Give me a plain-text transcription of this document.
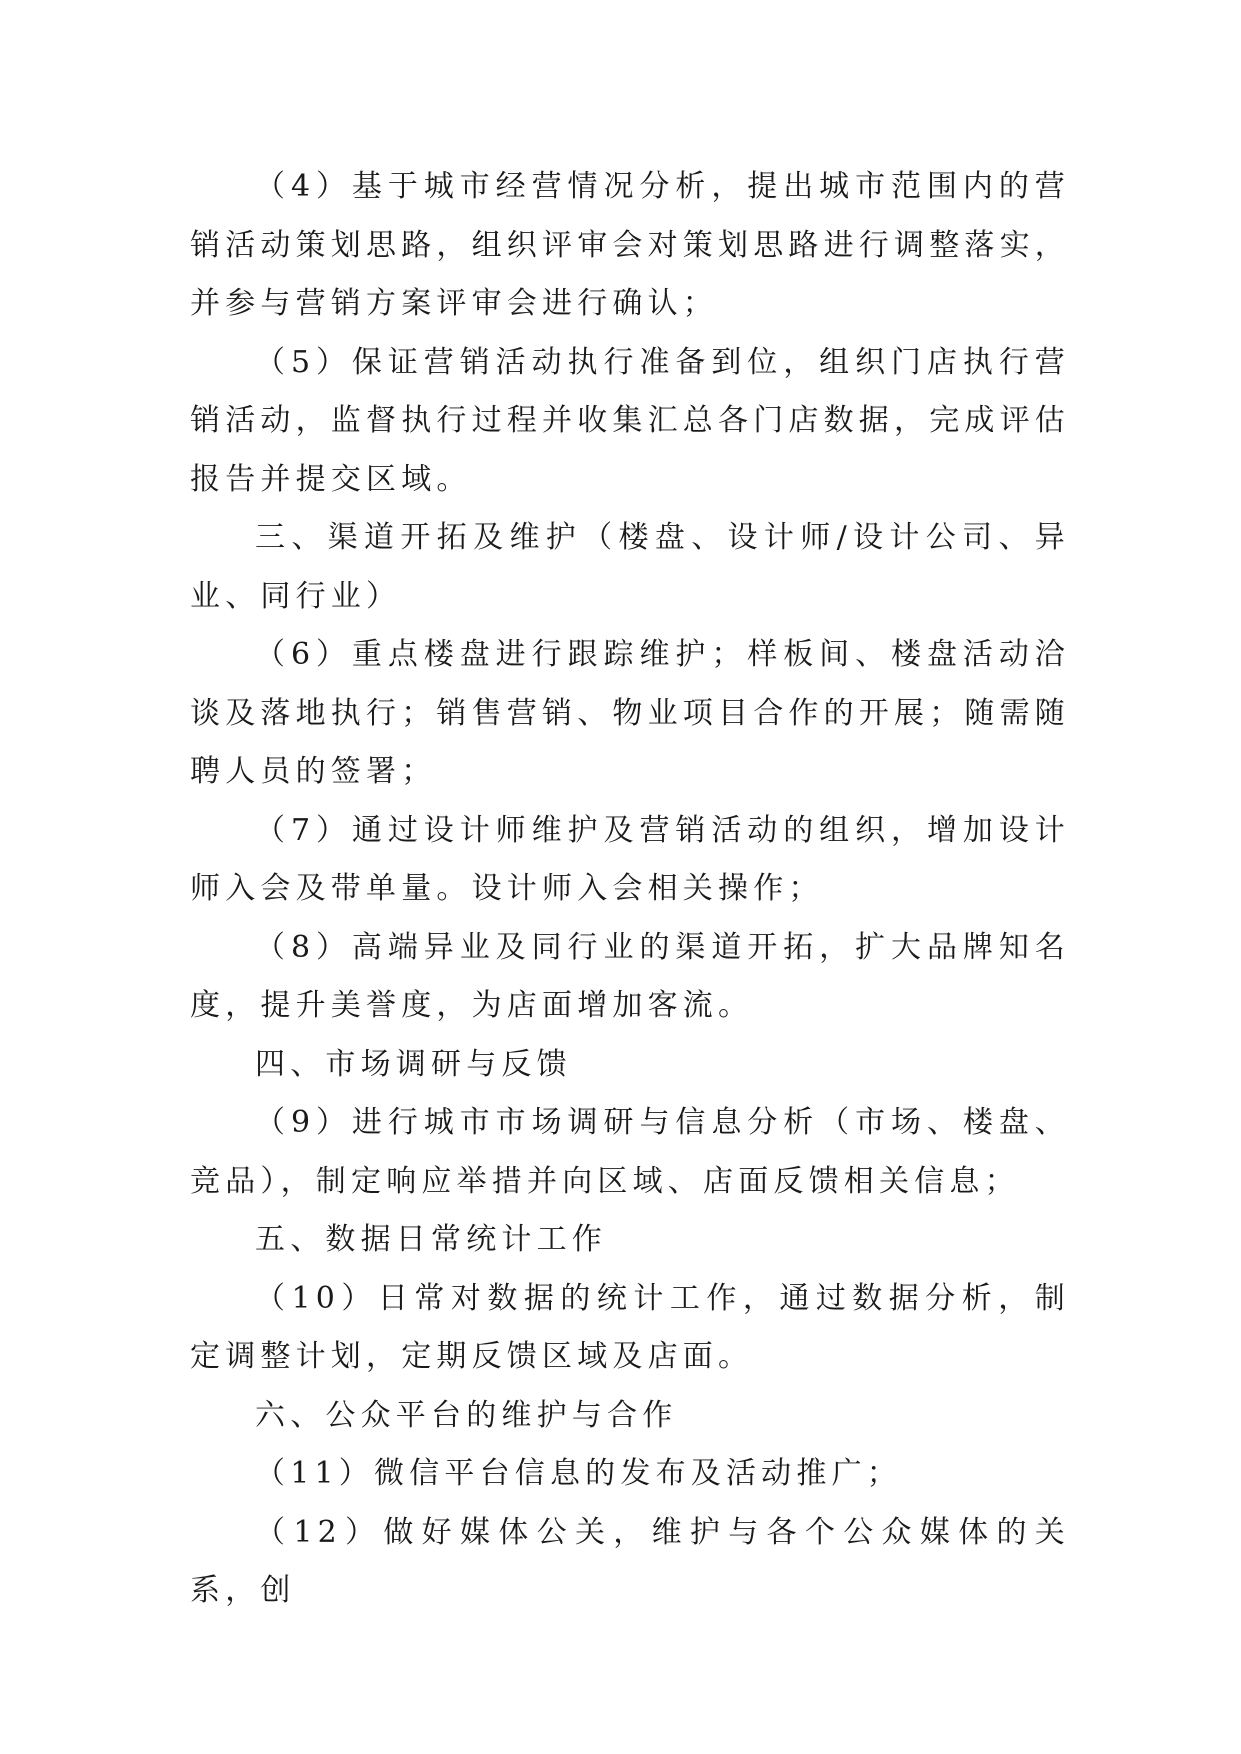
（4）基于城市经营情况分析，提出城市范围内的营销活动策划思路，组织评审会对策划思路进行调整落实，并参与营销方案评审会进行确认；

（5）保证营销活动执行准备到位，组织门店执行营销活动，监督执行过程并收集汇总各门店数据，完成评估报告并提交区域。

三、渠道开拓及维护（楼盘、设计师/设计公司、异业、同行业）

（6）重点楼盘进行跟踪维护；样板间、楼盘活动洽谈及落地执行；销售营销、物业项目合作的开展；随需随聘人员的签署；

（7）通过设计师维护及营销活动的组织，增加设计师入会及带单量。设计师入会相关操作；

（8）高端异业及同行业的渠道开拓，扩大品牌知名度，提升美誉度，为店面增加客流。

四、市场调研与反馈

（9）进行城市市场调研与信息分析（市场、楼盘、竞品），制定响应举措并向区域、店面反馈相关信息；

五、数据日常统计工作

（10）日常对数据的统计工作，通过数据分析，制定调整计划，定期反馈区域及店面。

六、公众平台的维护与合作

（11）微信平台信息的发布及活动推广；

（12）做好媒体公关，维护与各个公众媒体的关系，创
